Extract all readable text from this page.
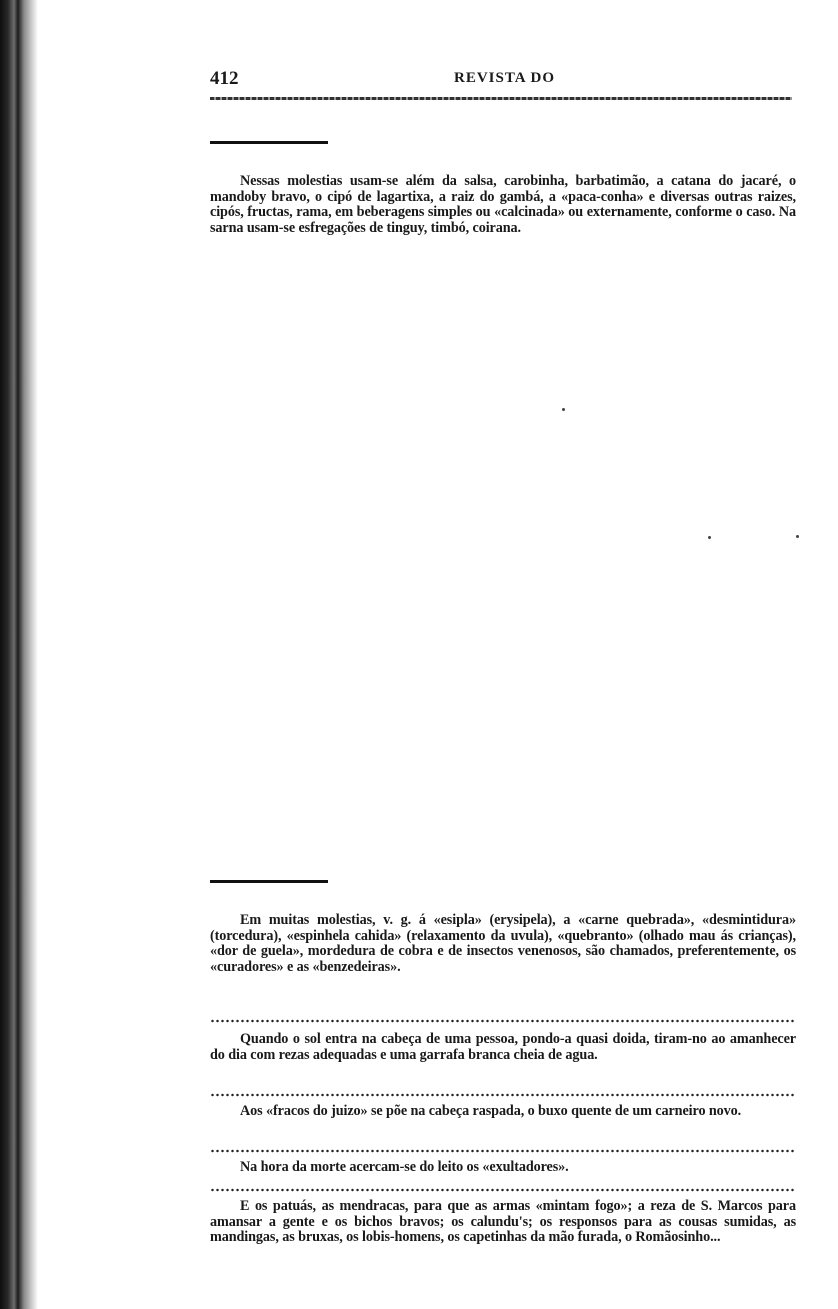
412	REVISTA DO

Nessas molestias usam-se além da salsa, carobinha, barbatimão, a catana do jacaré, o mandoby bravo, o cipó de lagartixa, a raiz do gambá, a «paca-conha» e diversas outras raizes, cipós, fructas, rama, em beberagens simples ou «calcinada» ou externamente, conforme o caso. Na sarna usam-se esfregações de tinguy, timbó, coirana.

Em muitas molestias, v. g. á «esipla» (erysipela), a «carne quebrada», «desmintidura» (torcedura), «espinhela cahida» (relaxamento da uvula), «quebranto» (olhado mau ás crianças), «dor de guela», mordedura de cobra e de insectos venenosos, são chamados, preferentemente, os «curadores» e as «benzedeiras».

Quando o sol entra na cabeça de uma pessoa, pondo-a quasi doida, tiram-no ao amanhecer do dia com rezas adequadas e uma garrafa branca cheia de agua.

Aos «fracos do juizo» se põe na cabeça raspada, o buxo quente de um carneiro novo.

Na hora da morte acercam-se do leito os «exultadores».

E os patuás, as mendracas, para que as armas «mintam fogo»; a reza de S. Marcos para amansar a gente e os bichos bravos; os calundu's; os responsos para as cousas sumidas, as mandingas, as bruxas, os lobis-homens, os capetinhas da mão furada, o Romãosinho...
